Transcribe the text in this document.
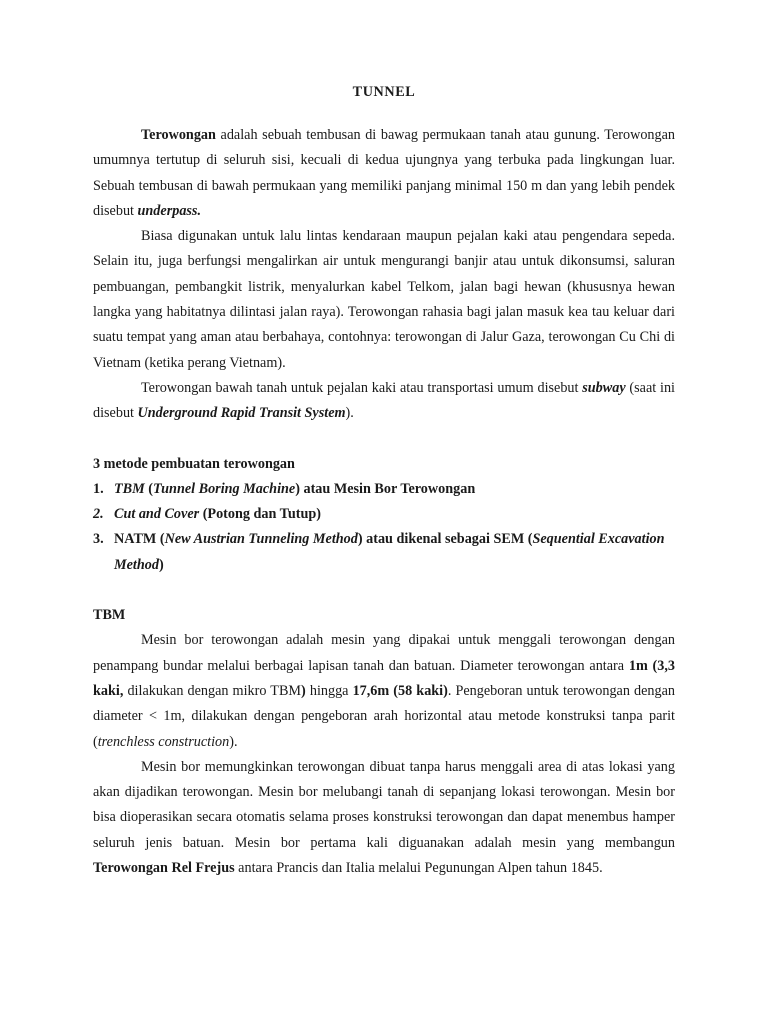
TUNNEL

Terowongan adalah sebuah tembusan di bawag permukaan tanah atau gunung. Terowongan umumnya tertutup di seluruh sisi, kecuali di kedua ujungnya yang terbuka pada lingkungan luar. Sebuah tembusan di bawah permukaan yang memiliki panjang minimal 150 m dan yang lebih pendek disebut underpass.

Biasa digunakan untuk lalu lintas kendaraan maupun pejalan kaki atau pengendara sepeda. Selain itu, juga berfungsi mengalirkan air untuk mengurangi banjir atau untuk dikonsumsi, saluran pembuangan, pembangkit listrik, menyalurkan kabel Telkom, jalan bagi hewan (khususnya hewan langka yang habitatnya dilintasi jalan raya). Terowongan rahasia bagi jalan masuk kea tau keluar dari suatu tempat yang aman atau berbahaya, contohnya: terowongan di Jalur Gaza, terowongan Cu Chi di Vietnam (ketika perang Vietnam).

Terowongan bawah tanah untuk pejalan kaki atau transportasi umum disebut subway (saat ini disebut Underground Rapid Transit System).

3 metode pembuatan terowongan
1. TBM (Tunnel Boring Machine) atau Mesin Bor Terowongan
2. Cut and Cover (Potong dan Tutup)
3. NATM (New Austrian Tunneling Method) atau dikenal sebagai SEM (Sequential Excavation Method)
TBM

Mesin bor terowongan adalah mesin yang dipakai untuk menggali terowongan dengan penampang bundar melalui berbagai lapisan tanah dan batuan. Diameter terowongan antara 1m (3,3 kaki, dilakukan dengan mikro TBM) hingga 17,6m (58 kaki). Pengeboran untuk terowongan dengan diameter < 1m, dilakukan dengan pengeboran arah horizontal atau metode konstruksi tanpa parit (trenchless construction).

Mesin bor memungkinkan terowongan dibuat tanpa harus menggali area di atas lokasi yang akan dijadikan terowongan. Mesin bor melubangi tanah di sepanjang lokasi terowongan. Mesin bor bisa dioperasikan secara otomatis selama proses konstruksi terowongan dan dapat menembus hamper seluruh jenis batuan. Mesin bor pertama kali diguanakan adalah mesin yang membangun Terowongan Rel Frejus antara Prancis dan Italia melalui Pegunungan Alpen tahun 1845.
